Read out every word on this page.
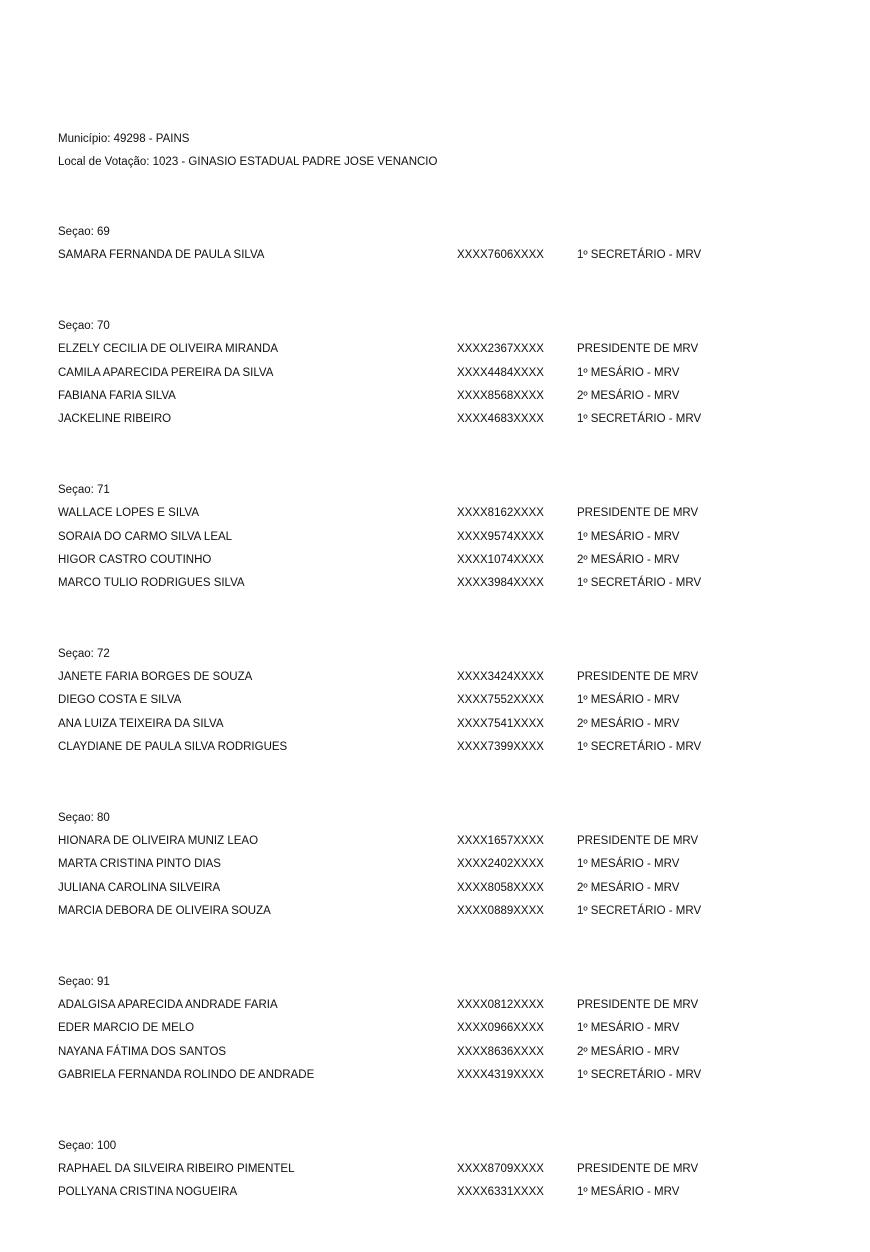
Município: 49298 - PAINS
Local de Votação: 1023 - GINASIO ESTADUAL PADRE JOSE VENANCIO
Seçao: 69
SAMARA FERNANDA DE PAULA SILVA	XXXX7606XXXX	1º SECRETÁRIO - MRV
Seçao: 70
ELZELY CECILIA DE OLIVEIRA MIRANDA	XXXX2367XXXX	PRESIDENTE DE MRV
CAMILA APARECIDA PEREIRA DA SILVA	XXXX4484XXXX	1º MESÁRIO - MRV
FABIANA FARIA SILVA	XXXX8568XXXX	2º MESÁRIO - MRV
JACKELINE RIBEIRO	XXXX4683XXXX	1º SECRETÁRIO - MRV
Seçao: 71
WALLACE LOPES E SILVA	XXXX8162XXXX	PRESIDENTE DE MRV
SORAIA DO CARMO SILVA LEAL	XXXX9574XXXX	1º MESÁRIO - MRV
HIGOR CASTRO COUTINHO	XXXX1074XXXX	2º MESÁRIO - MRV
MARCO TULIO RODRIGUES SILVA	XXXX3984XXXX	1º SECRETÁRIO - MRV
Seçao: 72
JANETE FARIA BORGES DE SOUZA	XXXX3424XXXX	PRESIDENTE DE MRV
DIEGO COSTA E SILVA	XXXX7552XXXX	1º MESÁRIO - MRV
ANA LUIZA TEIXEIRA DA SILVA	XXXX7541XXXX	2º MESÁRIO - MRV
CLAYDIANE DE PAULA SILVA RODRIGUES	XXXX7399XXXX	1º SECRETÁRIO - MRV
Seçao: 80
HIONARA DE OLIVEIRA MUNIZ LEAO	XXXX1657XXXX	PRESIDENTE DE MRV
MARTA CRISTINA PINTO DIAS	XXXX2402XXXX	1º MESÁRIO - MRV
JULIANA CAROLINA SILVEIRA	XXXX8058XXXX	2º MESÁRIO - MRV
MARCIA DEBORA DE OLIVEIRA SOUZA	XXXX0889XXXX	1º SECRETÁRIO - MRV
Seçao: 91
ADALGISA APARECIDA ANDRADE FARIA	XXXX0812XXXX	PRESIDENTE DE MRV
EDER MARCIO DE MELO	XXXX0966XXXX	1º MESÁRIO - MRV
NAYANA FÁTIMA DOS SANTOS	XXXX8636XXXX	2º MESÁRIO - MRV
GABRIELA FERNANDA ROLINDO DE ANDRADE	XXXX4319XXXX	1º SECRETÁRIO - MRV
Seçao: 100
RAPHAEL DA SILVEIRA RIBEIRO PIMENTEL	XXXX8709XXXX	PRESIDENTE DE MRV
POLLYANA CRISTINA NOGUEIRA	XXXX6331XXXX	1º MESÁRIO - MRV
